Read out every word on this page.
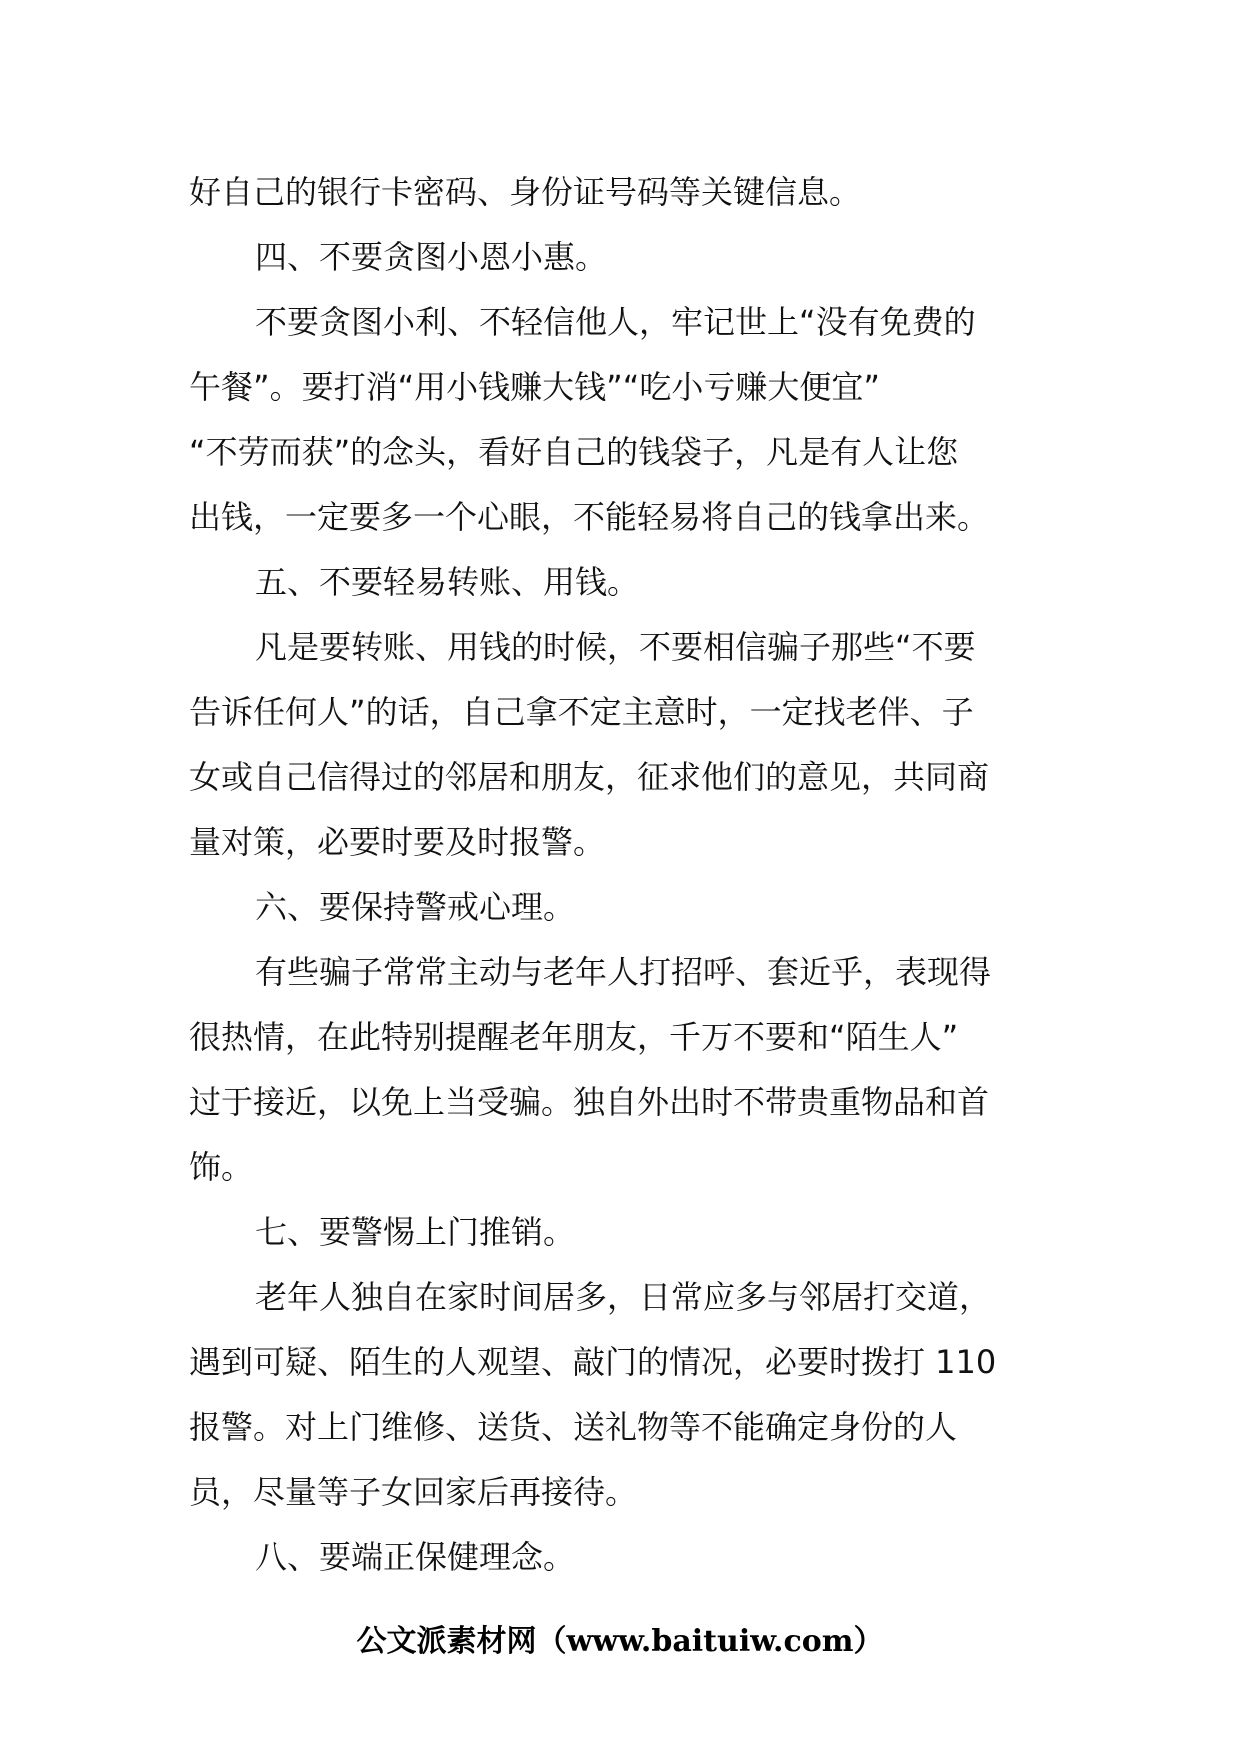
好自己的银行卡密码、身份证号码等关键信息。
四、不要贪图小恩小惠。
不要贪图小利、不轻信他人，牢记世上“没有免费的
午餐”。要打消“用小钱赚大钱”“吃小亏赚大便宜”
“不劳而获”的念头，看好自己的钱袋子，凡是有人让您
出钱，一定要多一个心眼，不能轻易将自己的钱拿出来。
五、不要轻易转账、用钱。
凡是要转账、用钱的时候，不要相信骗子那些“不要
告诉任何人”的话，自己拿不定主意时，一定找老伴、子
女或自己信得过的邻居和朋友，征求他们的意见，共同商
量对策，必要时要及时报警。
六、要保持警戒心理。
有些骗子常常主动与老年人打招呼、套近乎，表现得
很热情，在此特别提醒老年朋友，千万不要和“陌生人”
过于接近，以免上当受骗。独自外出时不带贵重物品和首
饰。
七、要警惕上门推销。
老年人独自在家时间居多，日常应多与邻居打交道，
遇到可疑、陌生的人观望、敲门的情况，必要时拨打 110
报警。对上门维修、送货、送礼物等不能确定身份的人
员，尽量等子女回家后再接待。
八、要端正保健理念。
公文派素材网（www.baituiw.com）
